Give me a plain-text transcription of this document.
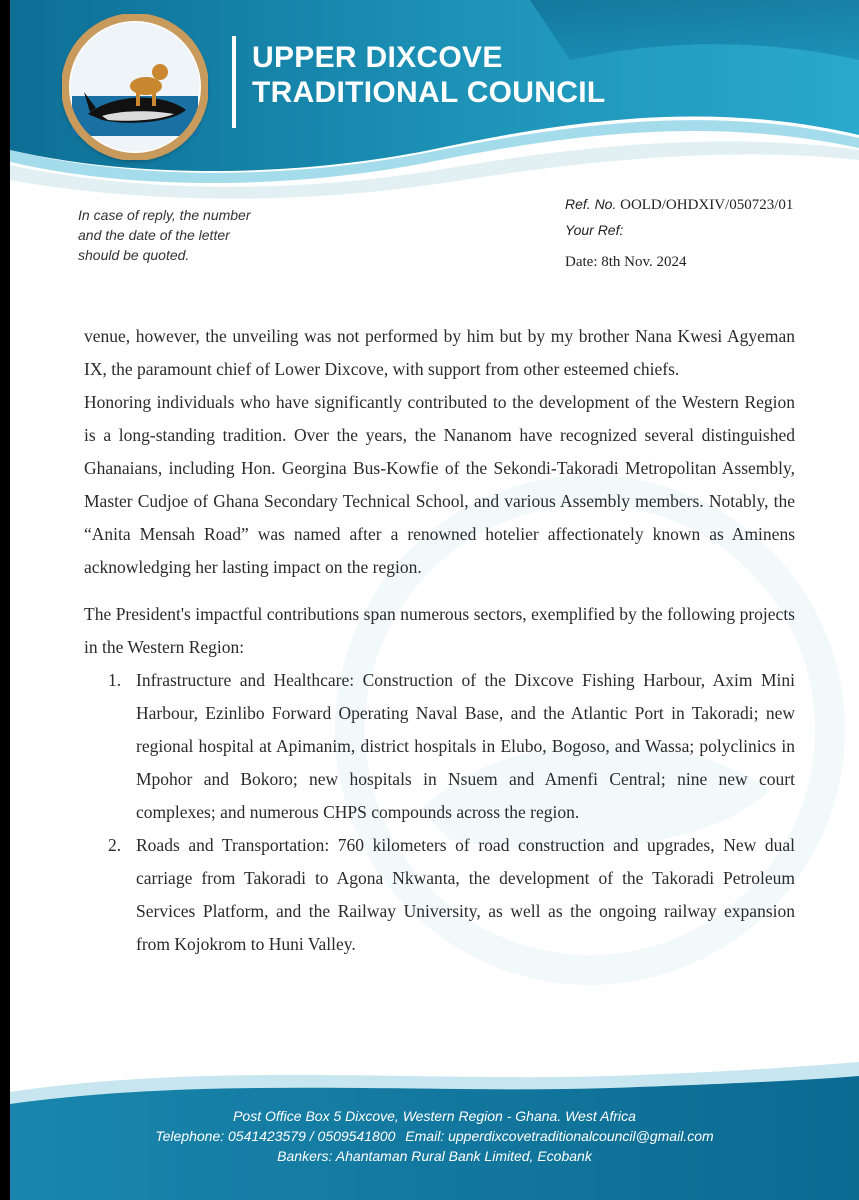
UPPER DIXCOVE
TRADITIONAL COUNCIL
In case of reply, the number
and the date of the letter
should be quoted.
Ref. No. OOLD/OHDXIV/050723/01
Your Ref:
Date: 8th Nov. 2024

venue, however, the unveiling was not performed by him but by my brother Nana Kwesi Agyeman IX, the paramount chief of Lower Dixcove, with support from other esteemed chiefs.

Honoring individuals who have significantly contributed to the development of the Western Region is a long-standing tradition. Over the years, the Nananom have recognized several distinguished Ghanaians, including Hon. Georgina Bus-Kowfie of the Sekondi-Takoradi Metropolitan Assembly, Master Cudjoe of Ghana Secondary Technical School, and various Assembly members. Notably, the “Anita Mensah Road” was named after a renowned hotelier affectionately known as Aminens acknowledging her lasting impact on the region.

The President's impactful contributions span numerous sectors, exemplified by the following projects in the Western Region:

1. Infrastructure and Healthcare: Construction of the Dixcove Fishing Harbour, Axim Mini Harbour, Ezinlibo Forward Operating Naval Base, and the Atlantic Port in Takoradi; new regional hospital at Apimanim, district hospitals in Elubo, Bogoso, and Wassa; polyclinics in Mpohor and Bokoro; new hospitals in Nsuem and Amenfi Central; nine new court complexes; and numerous CHPS compounds across the region.
2. Roads and Transportation: 760 kilometers of road construction and upgrades, New dual carriage from Takoradi to Agona Nkwanta, the development of the Takoradi Petroleum Services Platform, and the Railway University, as well as the ongoing railway expansion from Kojokrom to Huni Valley.
Post Office Box 5 Dixcove, Western Region - Ghana. West Africa
Telephone: 0541423579 / 0509541800 Email: upperdixcovetraditionalcouncil@gmail.com
Bankers: Ahantaman Rural Bank Limited, Ecobank
